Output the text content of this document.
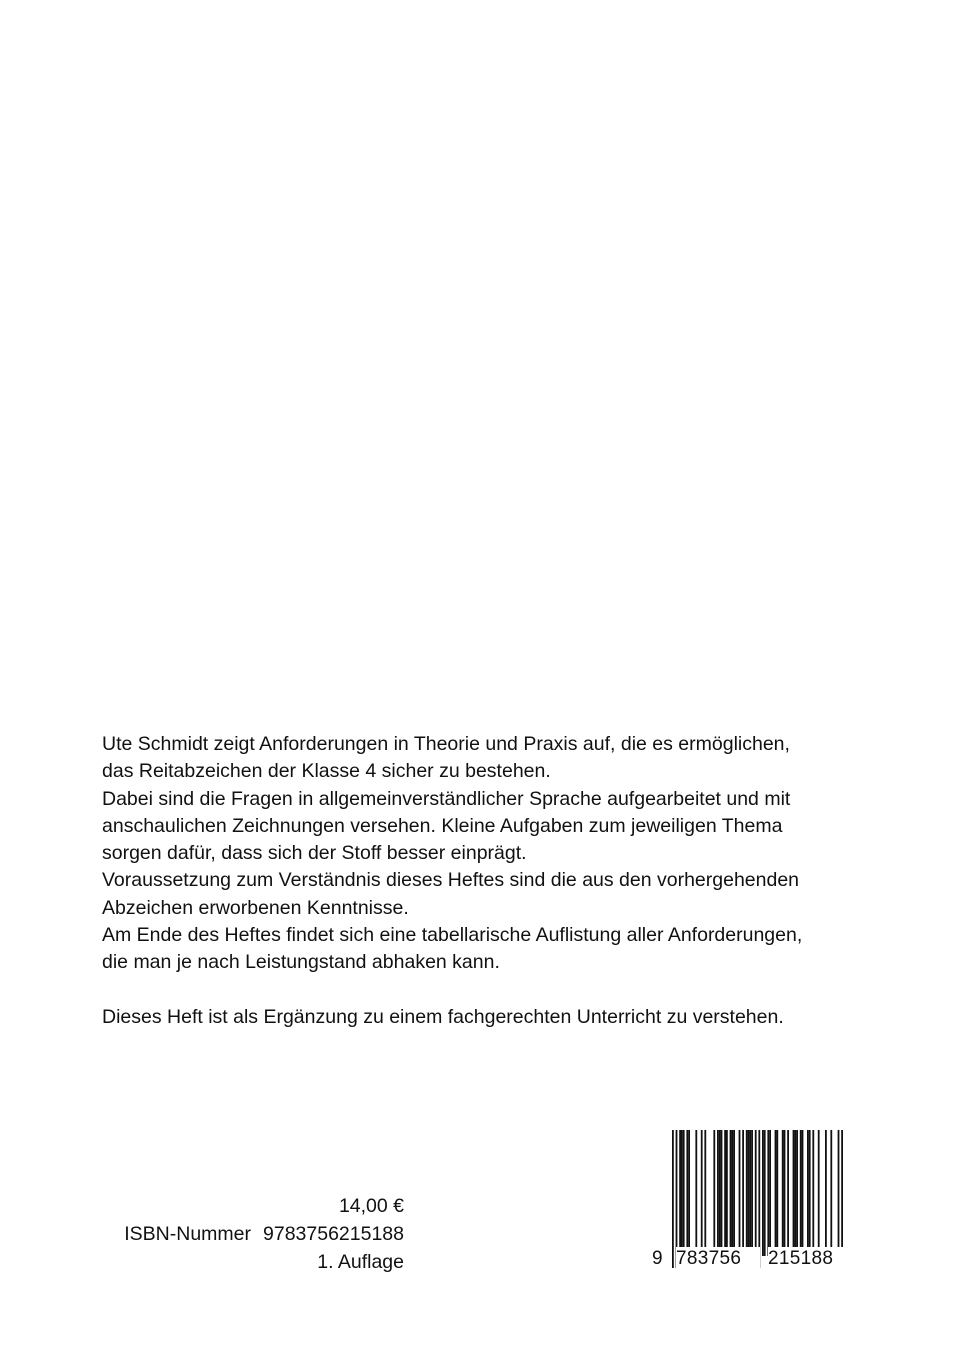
Ute Schmidt zeigt Anforderungen in Theorie und Praxis auf, die es ermöglichen,

das Reitabzeichen der Klasse 4 sicher zu bestehen.

Dabei sind die Fragen in allgemeinverständlicher Sprache aufgearbeitet und mit

anschaulichen Zeichnungen versehen. Kleine Aufgaben zum jeweiligen Thema

sorgen dafür, dass sich der Stoff besser einprägt.

Voraussetzung zum Verständnis dieses Heftes sind die aus den vorhergehenden

Abzeichen erworbenen Kenntnisse.

Am Ende des Heftes findet sich eine tabellarische Auflistung aller Anforderungen,

die man je nach Leistungstand abhaken kann.

Dieses Heft ist als Ergänzung zu einem fachgerechten Unterricht zu verstehen.

14,00 €
ISBN-Nummer 9783756215188
1. Auflage	9 783756 215188
